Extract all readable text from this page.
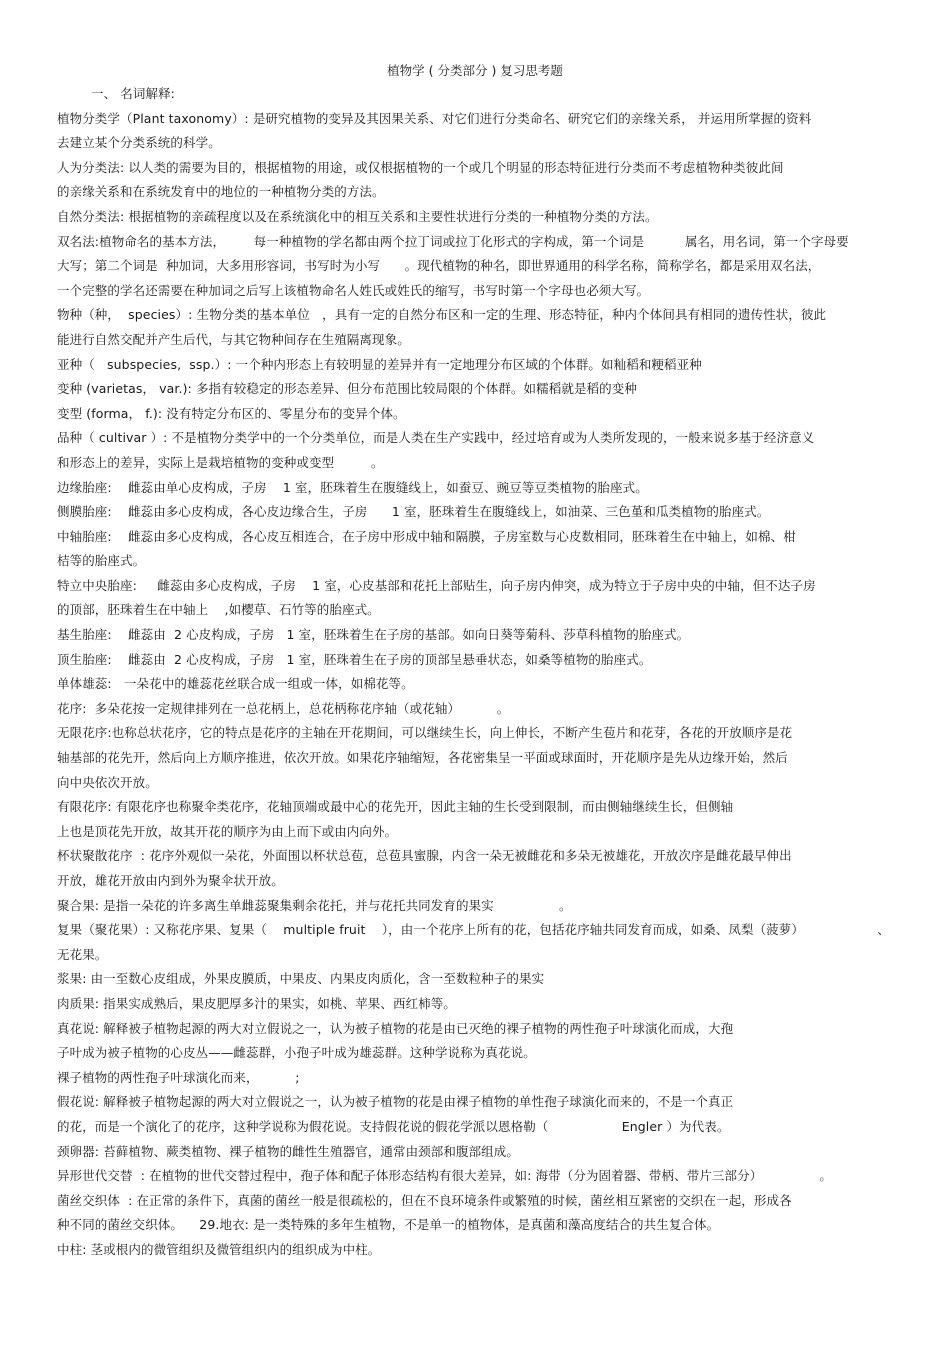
植物学 ( 分类部分 ) 复习思考题
一、 名词解释:
植物分类学（Plant taxonomy）: 是研究植物的变异及其因果关系、对它们进行分类命名、研究它们的亲缘关系， 并运用所掌握的资料
去建立某个分类系统的科学。
人为分类法: 以人类的需要为目的，根据植物的用途，或仅根据植物的一个或几个明显的形态特征进行分类而不考虑植物种类彼此间
的亲缘关系和在系统发育中的地位的一种植物分类的方法。
自然分类法: 根据植物的亲疏程度以及在系统演化中的相互关系和主要性状进行分类的一种植物分类的方法。
双名法:植物命名的基本方法，       每一种植物的学名都由两个拉丁词或拉丁化形式的字构成，第一个词是          属名，用名词，第一个字母要
大写；第二个词是  种加词，大多用形容词，书写时为小写      。现代植物的种名，即世界通用的科学名称，简称学名，都是采用双名法，
一个完整的学名还需要在种加词之后写上该植物命名人姓氏或姓氏的缩写，书写时第一个字母也必须大写。
物种（种，  species）: 生物分类的基本单位   ，具有一定的自然分布区和一定的生理、形态特征，种内个体间具有相同的遗传性状，彼此
能进行自然交配并产生后代，与其它物种间存在生殖隔离现象。
亚种（   subspecies,  ssp.）: 一个种内形态上有较明显的差异并有一定地理分布区域的个体群。如籼稻和粳稻亚种
变种 (varietas， var.): 多指有较稳定的形态差异、但分布范围比较局限的个体群。如糯稻就是稻的变种
变型 (forma， f.): 没有特定分布区的、零星分布的变异个体。
品种（ cultivar ）: 不是植物分类学中的一个分类单位，而是人类在生产实践中，经过培育或为人类所发现的，一般来说多基于经济意义
和形态上的差异，实际上是栽培植物的变种或变型         。
边缘胎座:    雌蕊由单心皮构成，子房    1 室，胚珠着生在腹缝线上，如蚕豆、豌豆等豆类植物的胎座式。
侧膜胎座:    雌蕊由多心皮构成，各心皮边缘合生，子房      1 室，胚珠着生在腹缝线上，如油菜、三色堇和瓜类植物的胎座式。
中轴胎座:    雌蕊由多心皮构成，各心皮互相连合，在子房中形成中轴和隔膜，子房室数与心皮数相同，胚珠着生在中轴上，如棉、柑
桔等的胎座式。
特立中央胎座:     雌蕊由多心皮构成，子房    1 室，心皮基部和花托上部贴生，向子房内伸突，成为特立于子房中央的中轴，但不达子房
的顶部，胚珠着生在中轴上    ,如樱草、石竹等的胎座式。
基生胎座:    雌蕊由  2 心皮构成，子房   1 室，胚珠着生在子房的基部。如向日葵等菊科、莎草科植物的胎座式。
顶生胎座:    雌蕊由  2 心皮构成，子房   1 室，胚珠着生在子房的顶部呈悬垂状态，如桑等植物的胎座式。
单体雄蕊:   一朵花中的雄蕊花丝联合成一组或一体，如棉花等。
花序:  多朵花按一定规律排列在一总花柄上，总花柄称花序轴（或花轴）         。
无限花序:也称总状花序，它的特点是花序的主轴在开花期间，可以继续生长，向上伸长，不断产生苞片和花芽，各花的开放顺序是花
轴基部的花先开，然后向上方顺序推进，依次开放。如果花序轴缩短，各花密集呈一平面或球面时，开花顺序是先从边缘开始，然后
向中央依次开放。
有限花序: 有限花序也称聚伞类花序，花轴顶端或最中心的花先开，因此主轴的生长受到限制，而由侧轴继续生长，但侧轴
上也是顶花先开放，故其开花的顺序为由上而下或由内向外。
杯状聚散花序  : 花序外观似一朵花，外面围以杯状总苞，总苞具蜜腺，内含一朵无被雌花和多朵无被雄花，开放次序是雌花最早伸出
开放，雄花开放由内到外为聚伞状开放。
聚合果: 是指一朵花的许多离生单雌蕊聚集剩余花托，并与花托共同发育的果实                。
复果（聚花果）: 又称花序果、复果（    multiple fruit    ），由一个花序上所有的花，包括花序轴共同发育而成，如桑、凤梨（菠萝）                  、
无花果。
浆果: 由一至数心皮组成，外果皮膜质，中果皮、内果皮肉质化，含一至数粒种子的果实
肉质果: 指果实成熟后，果皮肥厚多汁的果实，如桃、苹果、西红柿等。
真花说: 解释被子植物起源的两大对立假说之一，认为被子植物的花是由已灭绝的裸子植物的两性孢子叶球演化而成，大孢
子叶成为被子植物的心皮丛——雌蕊群，小孢子叶成为雄蕊群。这种学说称为真花说。
裸子植物的两性孢子叶球演化而来，         ;
假花说: 解释被子植物起源的两大对立假说之一，认为被子植物的花是由裸子植物的单性孢子球演化而来的，不是一个真正
的花，而是一个演化了的花序，这种学说称为假花说。支持假花说的假花学派以恩格勒（                  Engler ）为代表。
颈卵器: 苔藓植物、蕨类植物、裸子植物的雌性生殖器官，通常由颈部和腹部组成。
异形世代交替  : 在植物的世代交替过程中，孢子体和配子体形态结构有很大差异，如: 海带（分为固着器、带柄、带片三部分）              。
菌丝交织体  : 在正常的条件下，真菌的菌丝一般是很疏松的，但在不良环境条件或繁殖的时候，菌丝相互紧密的交织在一起，形成各
种不同的菌丝交织体。    29.地衣: 是一类特殊的多年生植物，不是单一的植物体，是真菌和藻高度结合的共生复合体。
中柱: 茎或根内的微管组织及微管组织内的组织成为中柱。
